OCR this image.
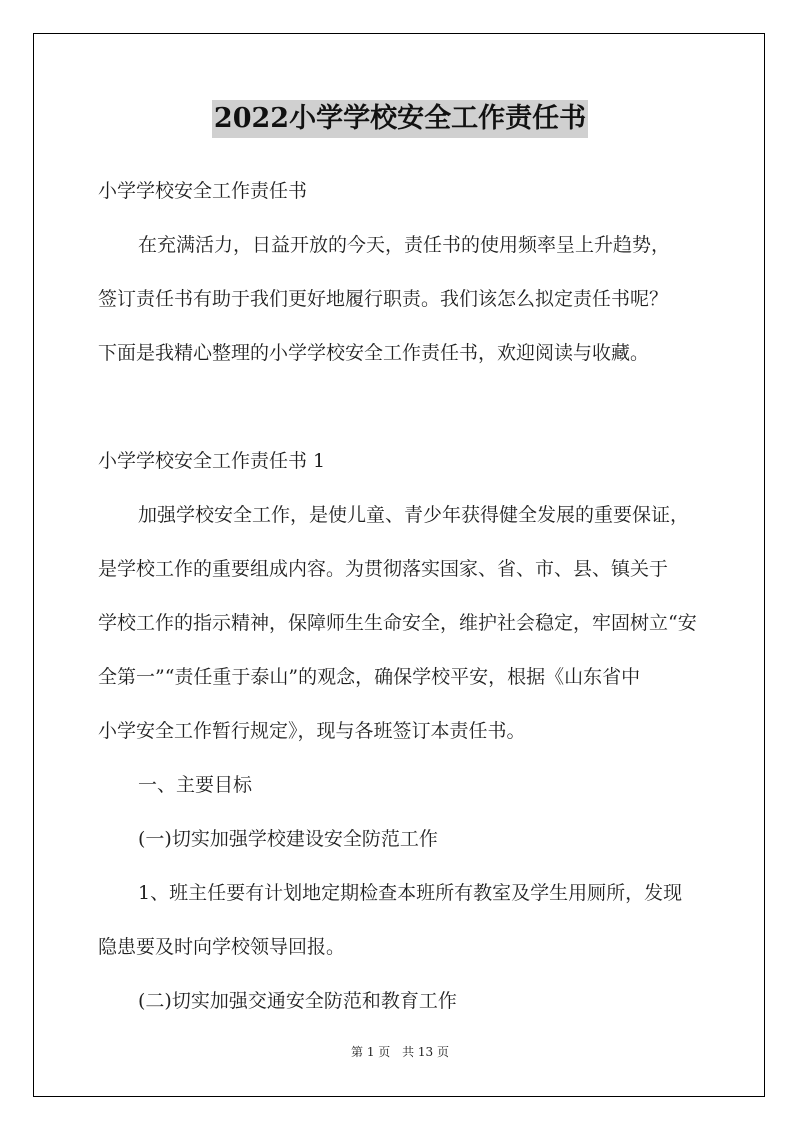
2022小学学校安全工作责任书
小学学校安全工作责任书
在充满活力，日益开放的今天，责任书的使用频率呈上升趋势，
签订责任书有助于我们更好地履行职责。我们该怎么拟定责任书呢？
下面是我精心整理的小学学校安全工作责任书，欢迎阅读与收藏。
小学学校安全工作责任书 1
加强学校安全工作，是使儿童、青少年获得健全发展的重要保证，
是学校工作的重要组成内容。为贯彻落实国家、省、市、县、镇关于
学校工作的指示精神，保障师生生命安全，维护社会稳定，牢固树立“安
全第一”“责任重于泰山”的观念，确保学校平安，根据《山东省中
小学安全工作暂行规定》，现与各班签订本责任书。
一、主要目标
(一)切实加强学校建设安全防范工作
1、班主任要有计划地定期检查本班所有教室及学生用厕所，发现
隐患要及时向学校领导回报。
(二)切实加强交通安全防范和教育工作
第 1 页 共 13 页
